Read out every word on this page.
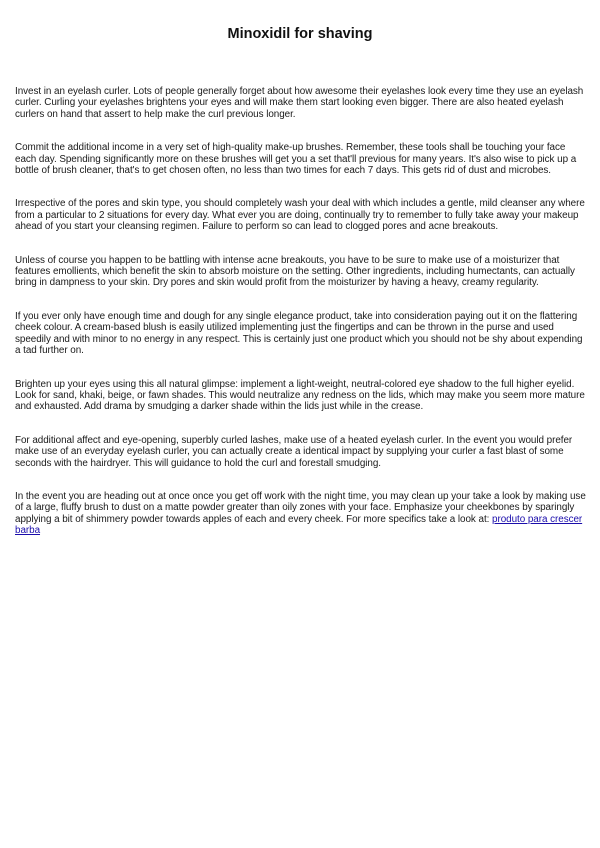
Minoxidil for shaving

Invest in an eyelash curler. Lots of people generally forget about how awesome their eyelashes look every time they use an eyelash curler. Curling your eyelashes brightens your eyes and will make them start looking even bigger. There are also heated eyelash curlers on hand that assert to help make the curl previous longer.

Commit the additional income in a very set of high-quality make-up brushes. Remember, these tools shall be touching your face each day. Spending significantly more on these brushes will get you a set that'll previous for many years. It's also wise to pick up a bottle of brush cleaner, that's to get chosen often, no less than two times for each 7 days. This gets rid of dust and microbes.

Irrespective of the pores and skin type, you should completely wash your deal with which includes a gentle, mild cleanser any where from a particular to 2 situations for every day. What ever you are doing, continually try to remember to fully take away your makeup ahead of you start your cleansing regimen. Failure to perform so can lead to clogged pores and acne breakouts.

Unless of course you happen to be battling with intense acne breakouts, you have to be sure to make use of a moisturizer that features emollients, which benefit the skin to absorb moisture on the setting. Other ingredients, including humectants, can actually bring in dampness to your skin. Dry pores and skin would profit from the moisturizer by having a heavy, creamy regularity.

If you ever only have enough time and dough for any single elegance product, take into consideration paying out it on the flattering cheek colour. A cream-based blush is easily utilized implementing just the fingertips and can be thrown in the purse and used speedily and with minor to no energy in any respect. This is certainly just one product which you should not be shy about expending a tad further on.

Brighten up your eyes using this all natural glimpse: implement a light-weight, neutral-colored eye shadow to the full higher eyelid. Look for sand, khaki, beige, or fawn shades. This would neutralize any redness on the lids, which may make you seem more mature and exhausted. Add drama by smudging a darker shade within the lids just while in the crease.

For additional affect and eye-opening, superbly curled lashes, make use of a heated eyelash curler. In the event you would prefer make use of an everyday eyelash curler, you can actually create a identical impact by supplying your curler a fast blast of some seconds with the hairdryer. This will guidance to hold the curl and forestall smudging.

In the event you are heading out at once once you get off work with the night time, you may clean up your take a look by making use of a large, fluffy brush to dust on a matte powder greater than oily zones with your face. Emphasize your cheekbones by sparingly applying a bit of shimmery powder towards apples of each and every cheek. For more specifics take a look at: produto para crescer barba
